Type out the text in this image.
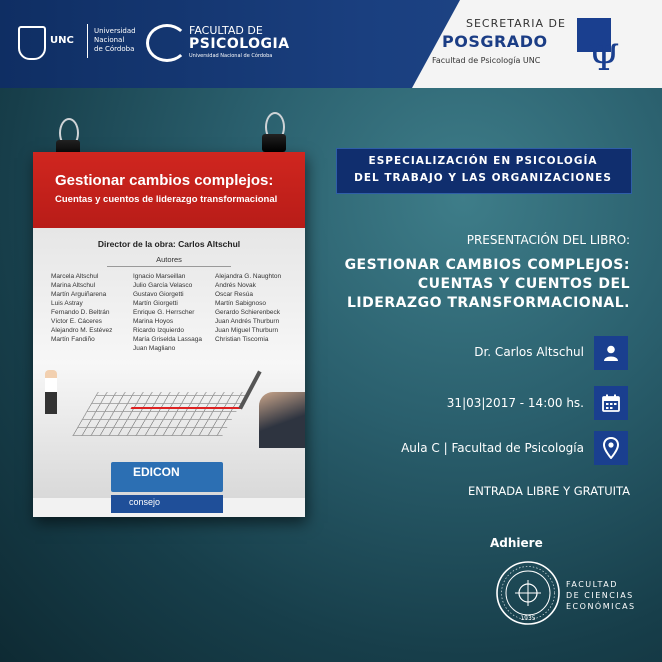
UNC
Universidad
Nacional
de Córdoba
FACULTAD DE
PSICOLOGIA
Universidad Nacional de Córdoba
SECRETARIA DE
POSGRADO
Facultad de Psicología UNC Ψ
Gestionar cambios complejos:
Cuentas y cuentos de liderazgo transformacional
Director de la obra: Carlos Altschul
Autores
Marcela Altschul
Marina Altschul
Martín Arguiñarena
Luis Astray
Fernando D. Beltrán
Víctor E. Cáceres
Alejandro M. Estévez
Martín Fandiño
Ignacio Marseillan
Julio García Velasco
Gustavo Giorgetti
Martín Giorgetti
Enrique G. Herrscher
Marina Hoyos
Ricardo Izquierdo
María Griselda Lassaga
Juan Magliano
Alejandra G. Naughton
Andrés Novak
Oscar Resúa
Martín Sabignoso
Gerardo Schierenbeck
Juan Andrés Thurburn
Juan Miguel Thurburn
Christian Tiscornia
EDICON
consejo
ESPECIALIZACIÓN EN PSICOLOGÍA
DEL TRABAJO Y LAS ORGANIZACIONES
PRESENTACIÓN DEL LIBRO:
GESTIONAR CAMBIOS COMPLEJOS:
CUENTAS Y CUENTOS DEL
LIDERAZGO TRANSFORMACIONAL.
Dr. Carlos Altschul
31|03|2017 - 14:00 hs.
Aula C | Facultad de Psicología
ENTRADA LIBRE Y GRATUITA
Adhiere
1935
FACULTAD
DE CIENCIAS
ECONÓMICAS
